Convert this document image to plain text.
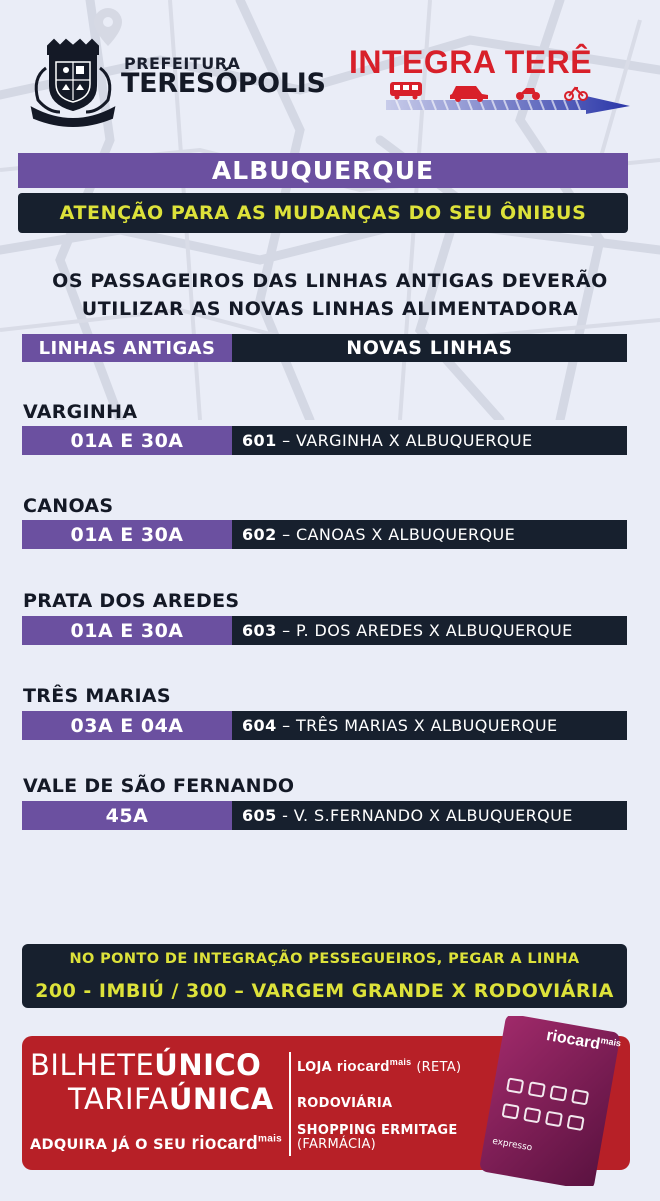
PREFEITURA
TERESÓPOLIS
INTEGRA TERÊ
ALBUQUERQUE
ATENÇÃO PARA AS MUDANÇAS DO SEU ÔNIBUS
OS PASSAGEIROS DAS LINHAS ANTIGAS DEVERÃO
UTILIZAR AS NOVAS LINHAS ALIMENTADORA
LINHAS ANTIGAS	NOVAS LINHAS
VARGINHA
01A E 30A	601 – VARGINHA X ALBUQUERQUE
CANOAS
01A E 30A	602 – CANOAS X ALBUQUERQUE
PRATA DOS AREDES
01A E 30A	603 – P. DOS AREDES X ALBUQUERQUE
TRÊS MARIAS
03A E 04A	604 – TRÊS MARIAS X ALBUQUERQUE
VALE DE SÃO FERNANDO
45A	605 - V. S.FERNANDO X ALBUQUERQUE
NO PONTO DE INTEGRAÇÃO PESSEGUEIROS, PEGAR A LINHA
200 - IMBIÚ / 300 – VARGEM GRANDE X RODOVIÁRIA
BILHETEÚNICO
TARIFAÚNICA
ADQUIRA JÁ O SEU riocard$^{mais}$
LOJA riocard$^{mais}$ (RETA)
RODOVIÁRIA
SHOPPING ERMITAGE
(FARMÁCIA)
riocard$^{mais}$
expresso
